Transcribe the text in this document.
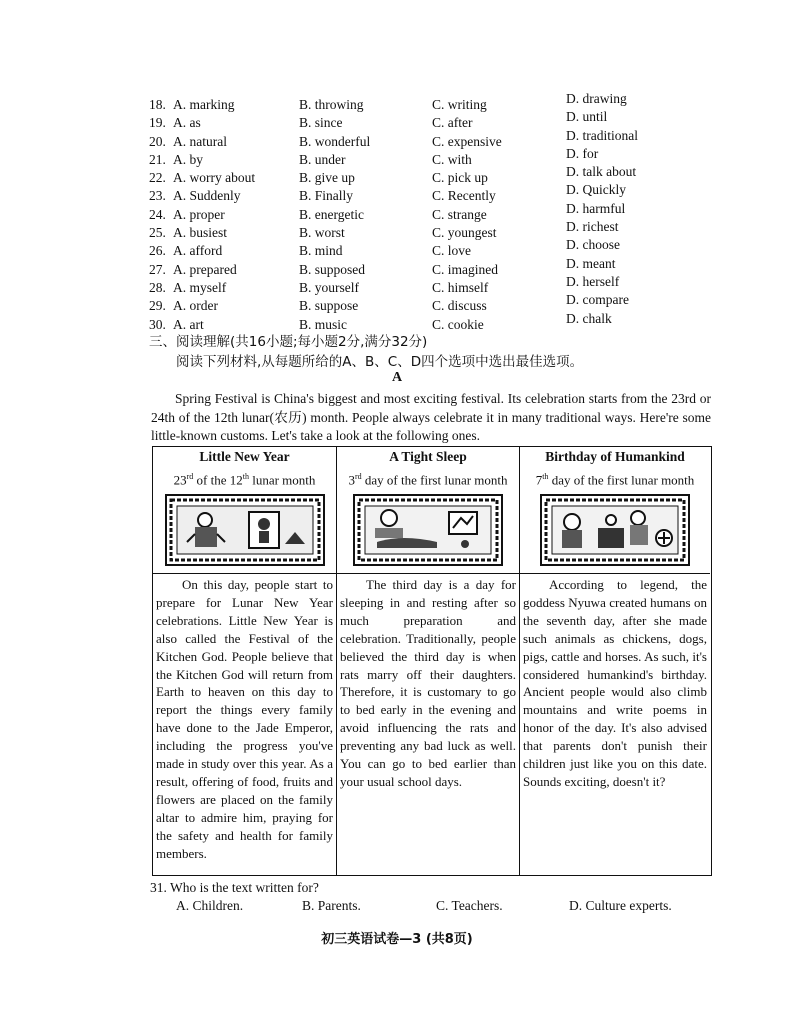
18. A. marking	B. throwing	C. writing	D. drawing
19. A. as	B. since	C. after	D. until
20. A. natural	B. wonderful	C. expensive	D. traditional
21. A. by	B. under	C. with	D. for
22. A. worry about	B. give up	C. pick up	D. talk about
23. A. Suddenly	B. Finally	C. Recently	D. Quickly
24. A. proper	B. energetic	C. strange	D. harmful
25. A. busiest	B. worst	C. youngest	D. richest
26. A. afford	B. mind	C. love	D. choose
27. A. prepared	B. supposed	C. imagined	D. meant
28. A. myself	B. yourself	C. himself	D. herself
29. A. order	B. suppose	C. discuss	D. compare
30. A. art	B. music	C. cookie	D. chalk
三、阅读理解(共16小题;每小题2分,满分32分)
阅读下列材料,从每题所给的A、B、C、D四个选项中选出最佳选项。
A

Spring Festival is China's biggest and most exciting festival. Its celebration starts from the 23rd or 24th of the 12th lunar(农历) month. People always celebrate it in many traditional ways. Here're some little-known customs. Let's take a look at the following ones.

Little New Year
23rd of the 12th lunar month
On this day, people start to prepare for Lunar New Year celebrations. Little New Year is also called the Festival of the Kitchen God. People believe that the Kitchen God will return from Earth to heaven on this day to report the things every family have done to the Jade Emperor, including the progress you've made in study over this year. As a result, offering of food, fruits and flowers are placed on the family altar to admire him, praying for the safety and health for family members.
A Tight Sleep
3rd day of the first lunar month
The third day is a day for sleeping in and resting after so much preparation and celebration. Traditionally, people believed the third day is when rats marry off their daughters. Therefore, it is customary to go to bed early in the evening and avoid influencing the rats and preventing any bad luck as well. You can go to bed earlier than your usual school days.
Birthday of Humankind
7th day of the first lunar month
According to legend, the goddess Nyuwa created humans on the seventh day, after she made such animals as chickens, dogs, pigs, cattle and horses. As such, it's considered humankind's birthday. Ancient people would also climb mountains and write poems in honor of the day. It's also advised that parents don't punish their children just like you on this date. Sounds exciting, doesn't it?
31. Who is the text written for?
A. Children.	B. Parents.	C. Teachers.	D. Culture experts.
初三英语试卷—3 (共8页)
